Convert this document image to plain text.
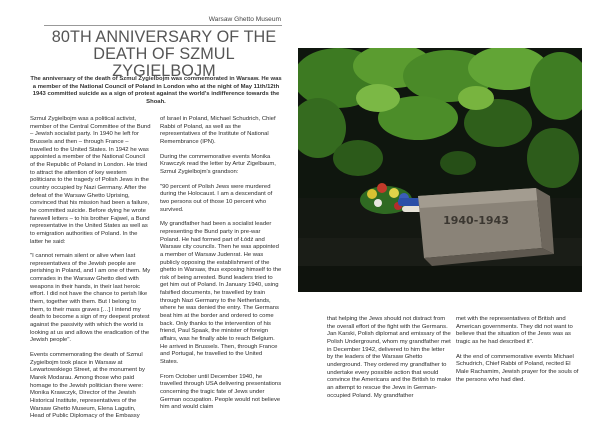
Warsaw Ghetto Museum
80TH ANNIVERSARY OF THE
DEATH OF SZMUL ZYGIELBOJM
The anniversary of the death of Szmul Zygielbojm was commemorated in Warsaw. He was a member of the National Council of Poland in London who at the night of May 11th/12th 1943 committed suicide as a sign of protest against the world's indifference towards the Shoah.

Szmul Zygielbojm was a political activist, member of the Central Committee of the Bund – Jewish socialist party. In 1940 he left for Brussels and then – through France – travelled to the United States. In 1942 he was appointed a member of the National Council of the Republic of Poland in London. He tried to attract the attention of key western politicians to the tragedy of Polish Jews in the country occupied by Nazi Germany. After the defeat of the Warsaw Ghetto Uprising, convinced that his mission had been a failure, he committed suicide. Before dying he wrote farewell letters – to his brother Fajwel, a Bund representative in the United States as well as to emigration authorities of Poland. In the latter he said:

"I cannot remain silent or alive when last representatives of the Jewish people are perishing in Poland, and I am one of them. My comrades in the Warsaw Ghetto died with weapons in their hands, in their last heroic effort. I did not have the chance to perish like them, together with them. But I belong to them, to their mass graves […] I intend my death to become a sign of my deepest protest against the passivity with which the world is looking at us and allows the eradication of the Jewish people".

Events commemorating the death of Szmul Zygielbojm took place in Warsaw at Lewartowskiego Street, at the monument by Marek Modarau. Among those who paid homage to the Jewish politician there were: Monika Krawczyk, Director of the Jewish Historical Institute, representatives of the Warsaw Ghetto Museum, Elena Lagutin, Head of Public Diplomacy of the Embassy

of Israel in Poland, Michael Schudrich, Chief Rabbi of Poland, as well as the representatives of the Institute of National Remembrance (IPN).

During the commemorative events Monika Krawczyk read the letter by Artur Zigelbaum, Szmul Zygielbojm's grandson:

"90 percent of Polish Jews were murdered during the Holocaust. I am a descendant of two persons out of those 10 percent who survived.

My grandfather had been a socialist leader representing the Bund party in pre-war Poland. He had formed part of Łódź and Warsaw city councils. Then he was appointed a member of Warsaw Judenrat. He was publicly opposing the establishment of the ghetto in Warsaw, thus exposing himself to the risk of being arrested. Bund leaders tried to get him out of Poland. In January 1940, using falsified documents, he travelled by train through Nazi Germany to the Netherlands, where he was denied the entry. The Germans beat him at the border and ordered to come back. Only thanks to the intervention of his friend, Paul Spaak, the minister of foreign affairs, was he finally able to reach Belgium. He arrived in Brussels. Then, through France and Portugal, he travelled to the United States.

From October until December 1940, he travelled through USA delivering presentations concerning the tragic fate of Jews under German occupation. People would not believe him and would claim

1940-1943

that helping the Jews should not distract from the overall effort of the fight with the Germans. Jan Karski, Polish diplomat and emissary of the Polish Underground, whom my grandfather met in December 1942, delivered to him the letter by the leaders of the Warsaw Ghetto underground. They ordered my grandfather to undertake every possible action that would convince the Americans and the British to make an attempt to rescue the Jews in German-occupied Poland. My grandfather

met with the representatives of British and American governments. They did not want to believe that the situation of the Jews was as tragic as he had described it".

At the end of commemorative events Michael Schudrich, Chief Rabbi of Poland, recited El Male Rachamim, Jewish prayer for the souls of the persons who had died.
